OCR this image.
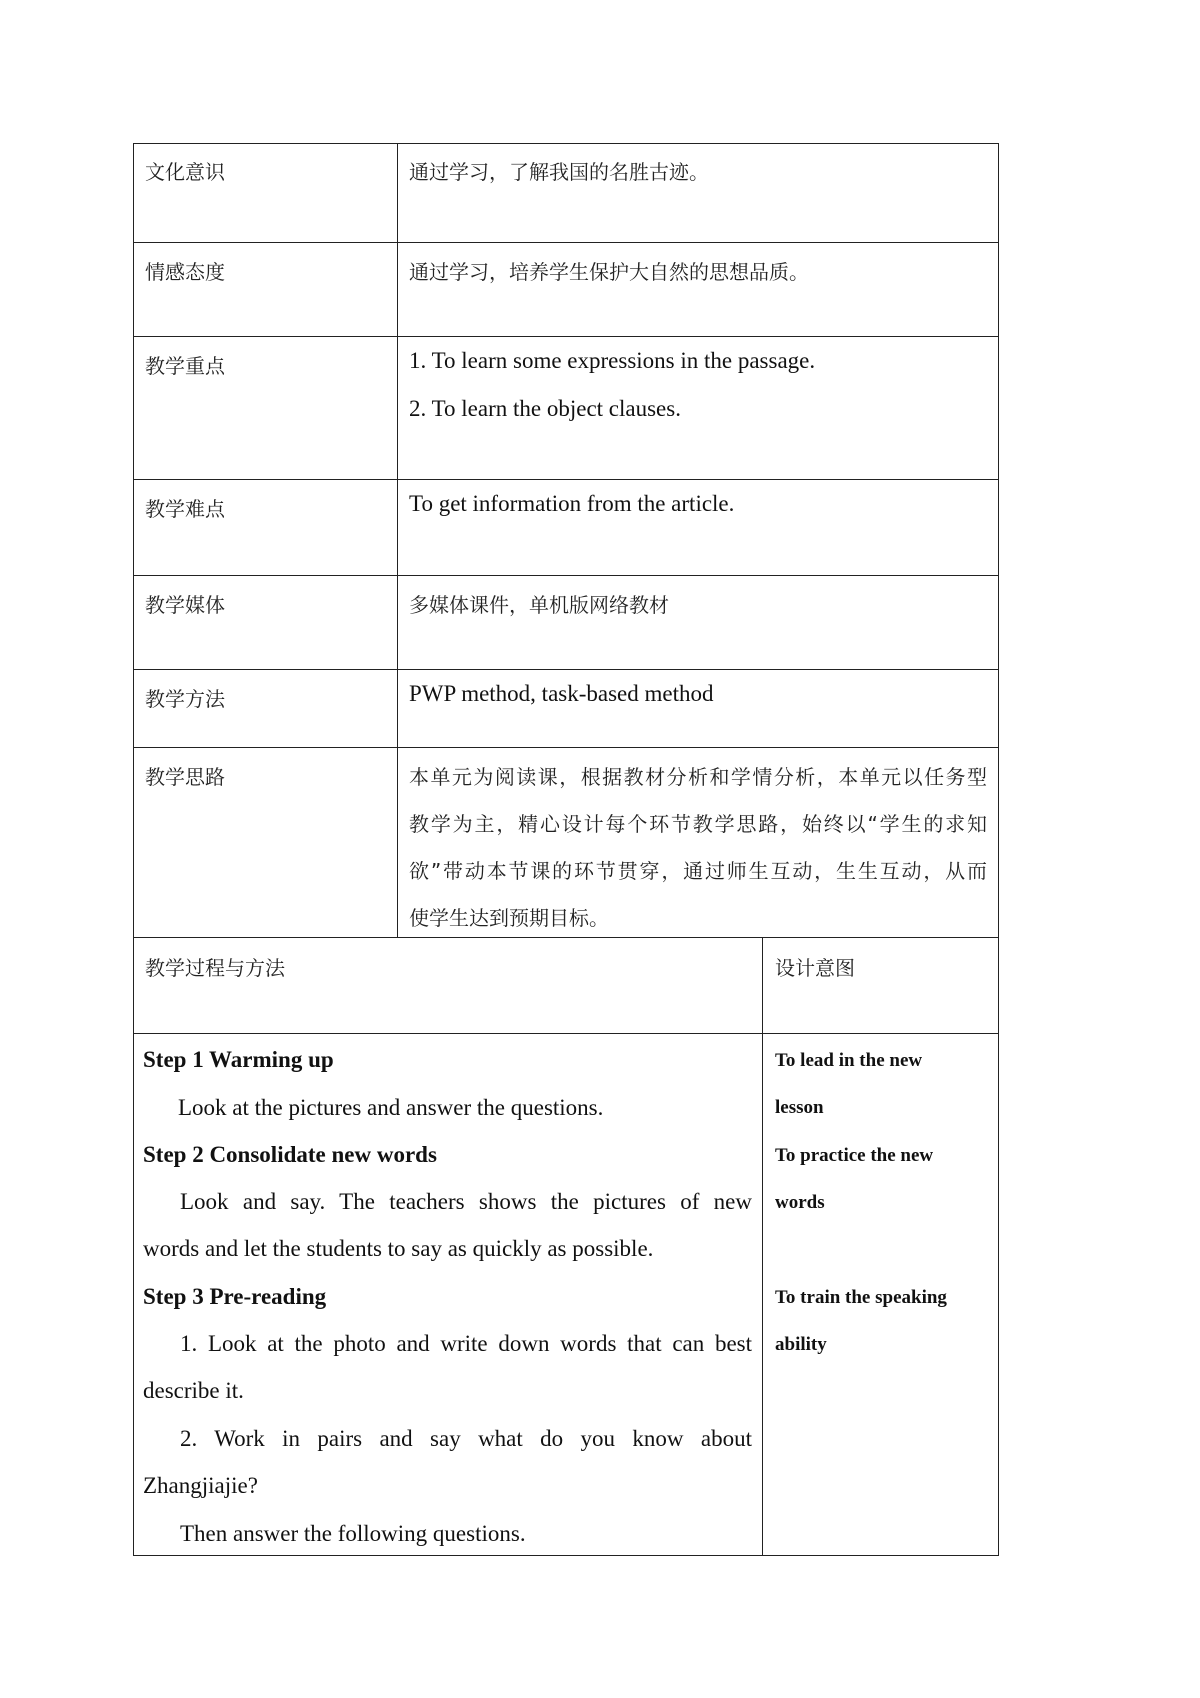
文化意识
情感态度
教学重点
教学难点
教学媒体
教学方法
教学思路
通过学习，了解我国的名胜古迹。
通过学习，培养学生保护大自然的思想品质。
1. To learn some expressions in the passage.
2. To learn the object clauses.
To get information from the article.
多媒体课件，单机版网络教材
PWP method, task-based method
本单元为阅读课，根据教材分析和学情分析，本单元以任务型
教学为主，精心设计每个环节教学思路，始终以“学生的求知
欲”带动本节课的环节贯穿，通过师生互动，生生互动，从而
使学生达到预期目标。
教学过程与方法	设计意图
Step 1 Warming up
Look at the pictures and answer the questions.
Step 2 Consolidate new words
Look and say. The teachers shows the pictures of new
words and let the students to say as quickly as possible.
Step 3 Pre-reading
1. Look at the photo and write down words that can best
describe it.
2. Work in pairs and say what do you know about
Zhangjiajie?
Then answer the following questions.
To lead in the new
lesson
To practice the new
words
To train the speaking
ability
